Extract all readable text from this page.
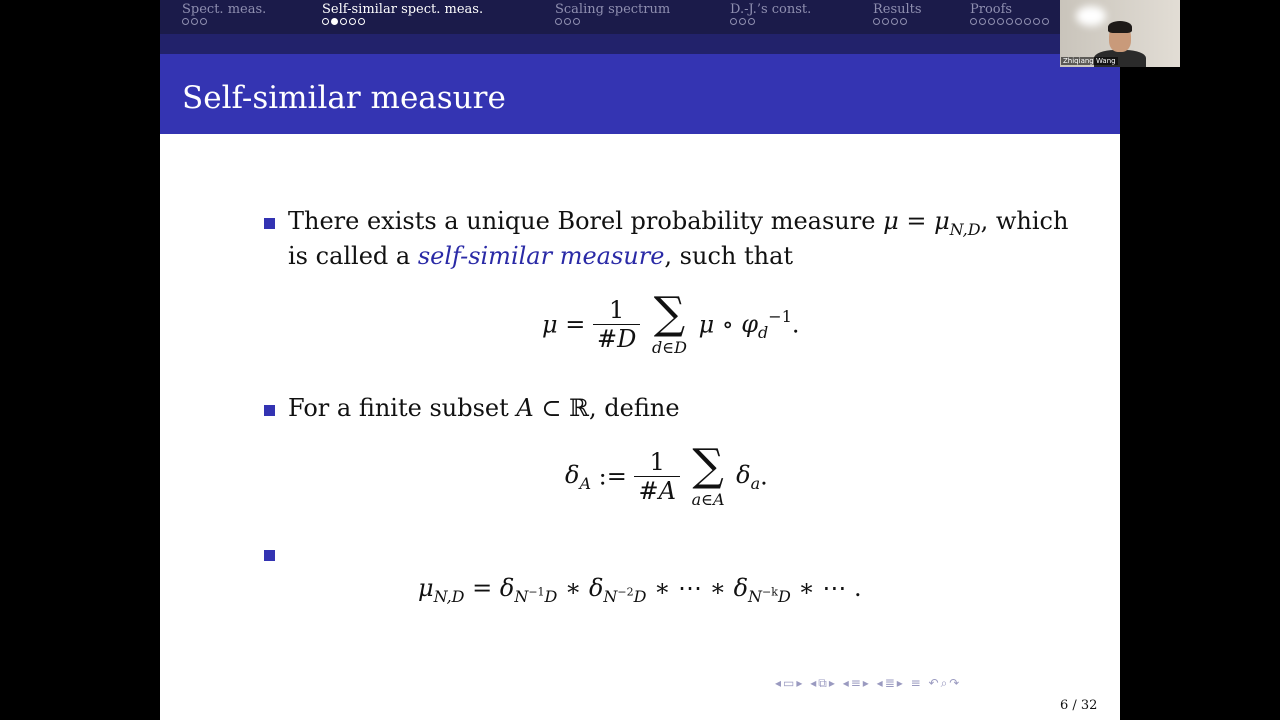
Spect. meas.	Self-similar spect. meas.	Scaling spectrum	D.-J.’s const.	Results	Proofs
Self-similar measure
There exists a unique Borel probability measure $\mu = \mu_{N,D}$, which
is called a self-similar measure, such that
$\mu = \frac{1}{\#D}$
∑
d∈D
μ ∘ $\varphi_d^{-1}$.
For a finite subset A ⊂ ℝ, define
$\delta_A$ := $\frac{1}{\#A}$
∑
a∈A
$\delta_a$.
$\mu_{N,D} = \delta_{N^{-1}D}$ ∗ $\delta_{N^{-2}D}$ ∗ ⋯ ∗ $\delta_{N^{-k}D}$ ∗ ⋯ .
◂▭▸ ◂⧉▸ ◂≡▸ ◂≣▸ ≡ ↶⌕↷
6 / 32
Zhiqiang Wang
